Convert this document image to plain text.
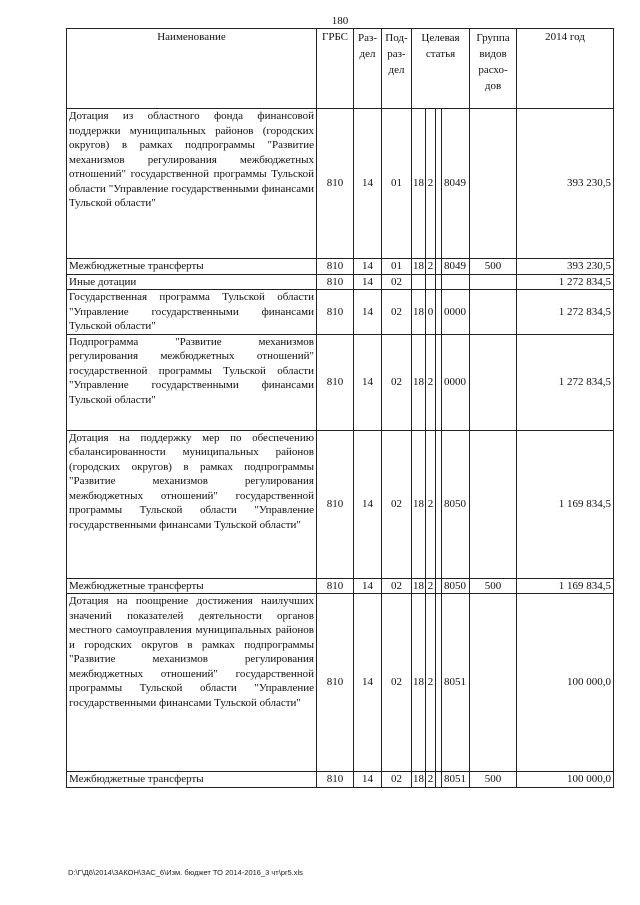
180
Наименование	ГРБС	Раз- дел	Под- раз- дел	Целевая статья				Группа видов расхо- дов	2014 год
Дотация из областного фонда финансовой поддержки муниципальных районов (городских округов) в рамках подпрограммы "Развитие механизмов регулирования межбюджетных отношений" государственной программы Тульской области "Управление государственными финансами Тульской области"	810	14	01	18	2		8049		393 230,5
Межбюджетные трансферты	810	14	01	18	2		8049	500	393 230,5
Иные дотации	810	14	02						1 272 834,5
Государственная программа Тульской области "Управление государственными финансами Тульской области"	810	14	02	18	0		0000		1 272 834,5
Подпрограмма "Развитие механизмов регулирования межбюджетных отношений" государственной программы Тульской области "Управление государственными финансами Тульской области"	810	14	02	18	2		0000		1 272 834,5
Дотация на поддержку мер по обеспечению сбалансированности муниципальных районов (городских округов) в рамках подпрограммы "Развитие механизмов регулирования межбюджетных отношений" государственной программы Тульской области "Управление государственными финансами Тульской области"	810	14	02	18	2		8050		1 169 834,5
Межбюджетные трансферты	810	14	02	18	2		8050	500	1 169 834,5
Дотация на поощрение достижения наилучших значений показателей деятельности органов местного самоуправления муниципальных районов и городских округов в рамках подпрограммы "Развитие механизмов регулирования межбюджетных отношений" государственной программы Тульской области "Управление государственными финансами Тульской области"	810	14	02	18	2		8051		100 000,0
Межбюджетные трансферты	810	14	02	18	2		8051	500	100 000,0
D:\Г\Д6\2014\ЗАКОН\ЗАС_6\Изм. бюджет ТО 2014-2016_3 чт\pr5.xls
